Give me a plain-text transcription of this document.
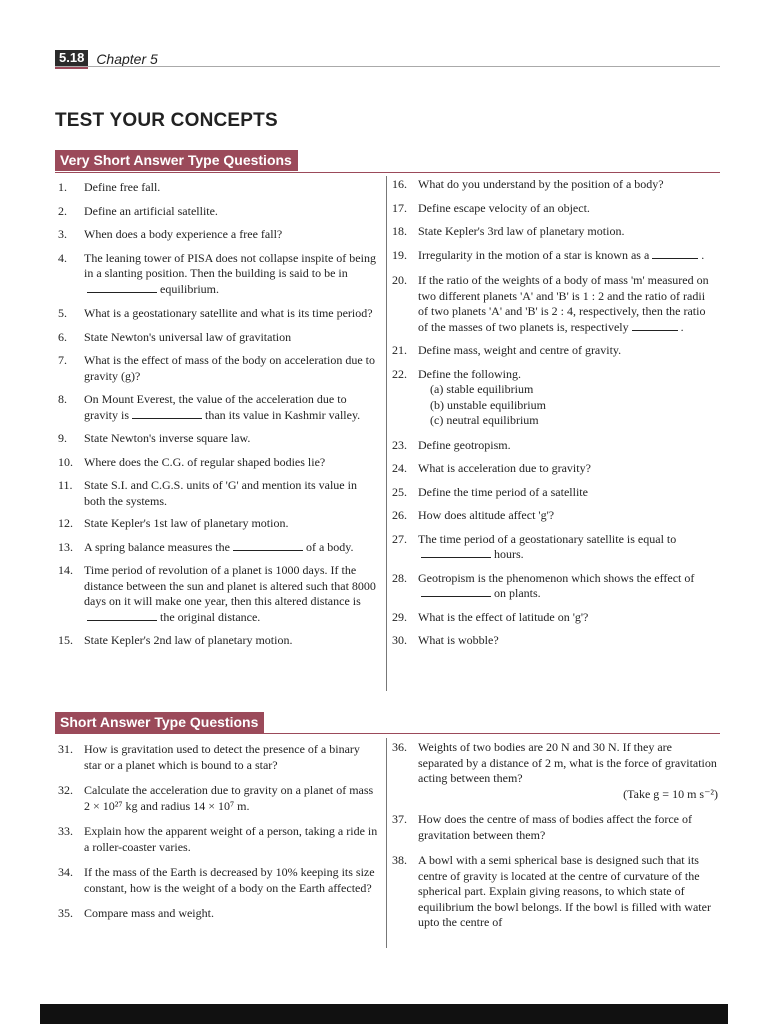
5.18 Chapter 5
TEST YOUR CONCEPTS
Very Short Answer Type Questions
1.	Define free fall.
2.	Define an artificial satellite.
3.	When does a body experience a free fall?
4.	The leaning tower of PISA does not collapse inspite of being in a slanting position. Then the building is said to be inequilibrium.
5.	What is a geostationary satellite and what is its time period?
6.	State Newton's universal law of gravitation
7.	What is the effect of mass of the body on acceleration due to gravity (g)?
8.	On Mount Everest, the value of the acceleration due to gravity is	than its value in Kashmir valley.
9.	State Newton's inverse square law.
10. Where does the C.G. of regular shaped bodies lie?
11. State S.I. and C.G.S. units of 'G' and mention its value in both the systems.
12. State Kepler's 1st law of planetary motion.
13. A spring balance measures the	of a body.
14. Time period of revolution of a planet is 1000 days. If the distance between the sun and planet is altered such that 8000 days on it will make one year, then this altered distance isthe original distance.
15. State Kepler's 2nd law of planetary motion.
16. What do you understand by the position of a body?
17. Define escape velocity of an object.
18. State Kepler's 3rd law of planetary motion.
19. Irregularity in the motion of a star is known as a	.
20. If the ratio of the weights of a body of mass 'm' measured on two different planets 'A' and 'B' is 1 : 2 and the ratio of radii of two planets 'A' and 'B' is 2 : 4, respectively, then the ratio of the masses of two planets is, respectively	.
21. Define mass, weight and centre of gravity.
22. Define the following.
(a) stable equilibrium
(b) unstable equilibrium
(c) neutral equilibrium
23. Define geotropism.
24. What is acceleration due to gravity?
25. Define the time period of a satellite
26. How does altitude affect 'g'?
27. The time period of a geostationary satellite is equal tohours.
28. Geotropism is the phenomenon which shows the effect ofon plants.
29. What is the effect of latitude on 'g'?
30. What is wobble?
Short Answer Type Questions
31. How is gravitation used to detect the presence of a binary star or a planet which is bound to a star?
32. Calculate the acceleration due to gravity on a planet of mass 2 × 10²⁷ kg and radius 14 × 10⁷ m.
33. Explain how the apparent weight of a person, taking a ride in a roller-coaster varies.
34. If the mass of the Earth is decreased by 10% keeping its size constant, how is the weight of a body on the Earth affected?
35. Compare mass and weight.
36. Weights of two bodies are 20 N and 30 N. If they are separated by a distance of 2 m, what is the force of gravitation acting between them?
(Take g = 10 m s⁻²)
37. How does the centre of mass of bodies affect the force of gravitation between them?
38. A bowl with a semi spherical base is designed such that its centre of gravity is located at the centre of curvature of the spherical part. Explain giving reasons, to which state of equilibrium the bowl belongs. If the bowl is filled with water upto the centre of
